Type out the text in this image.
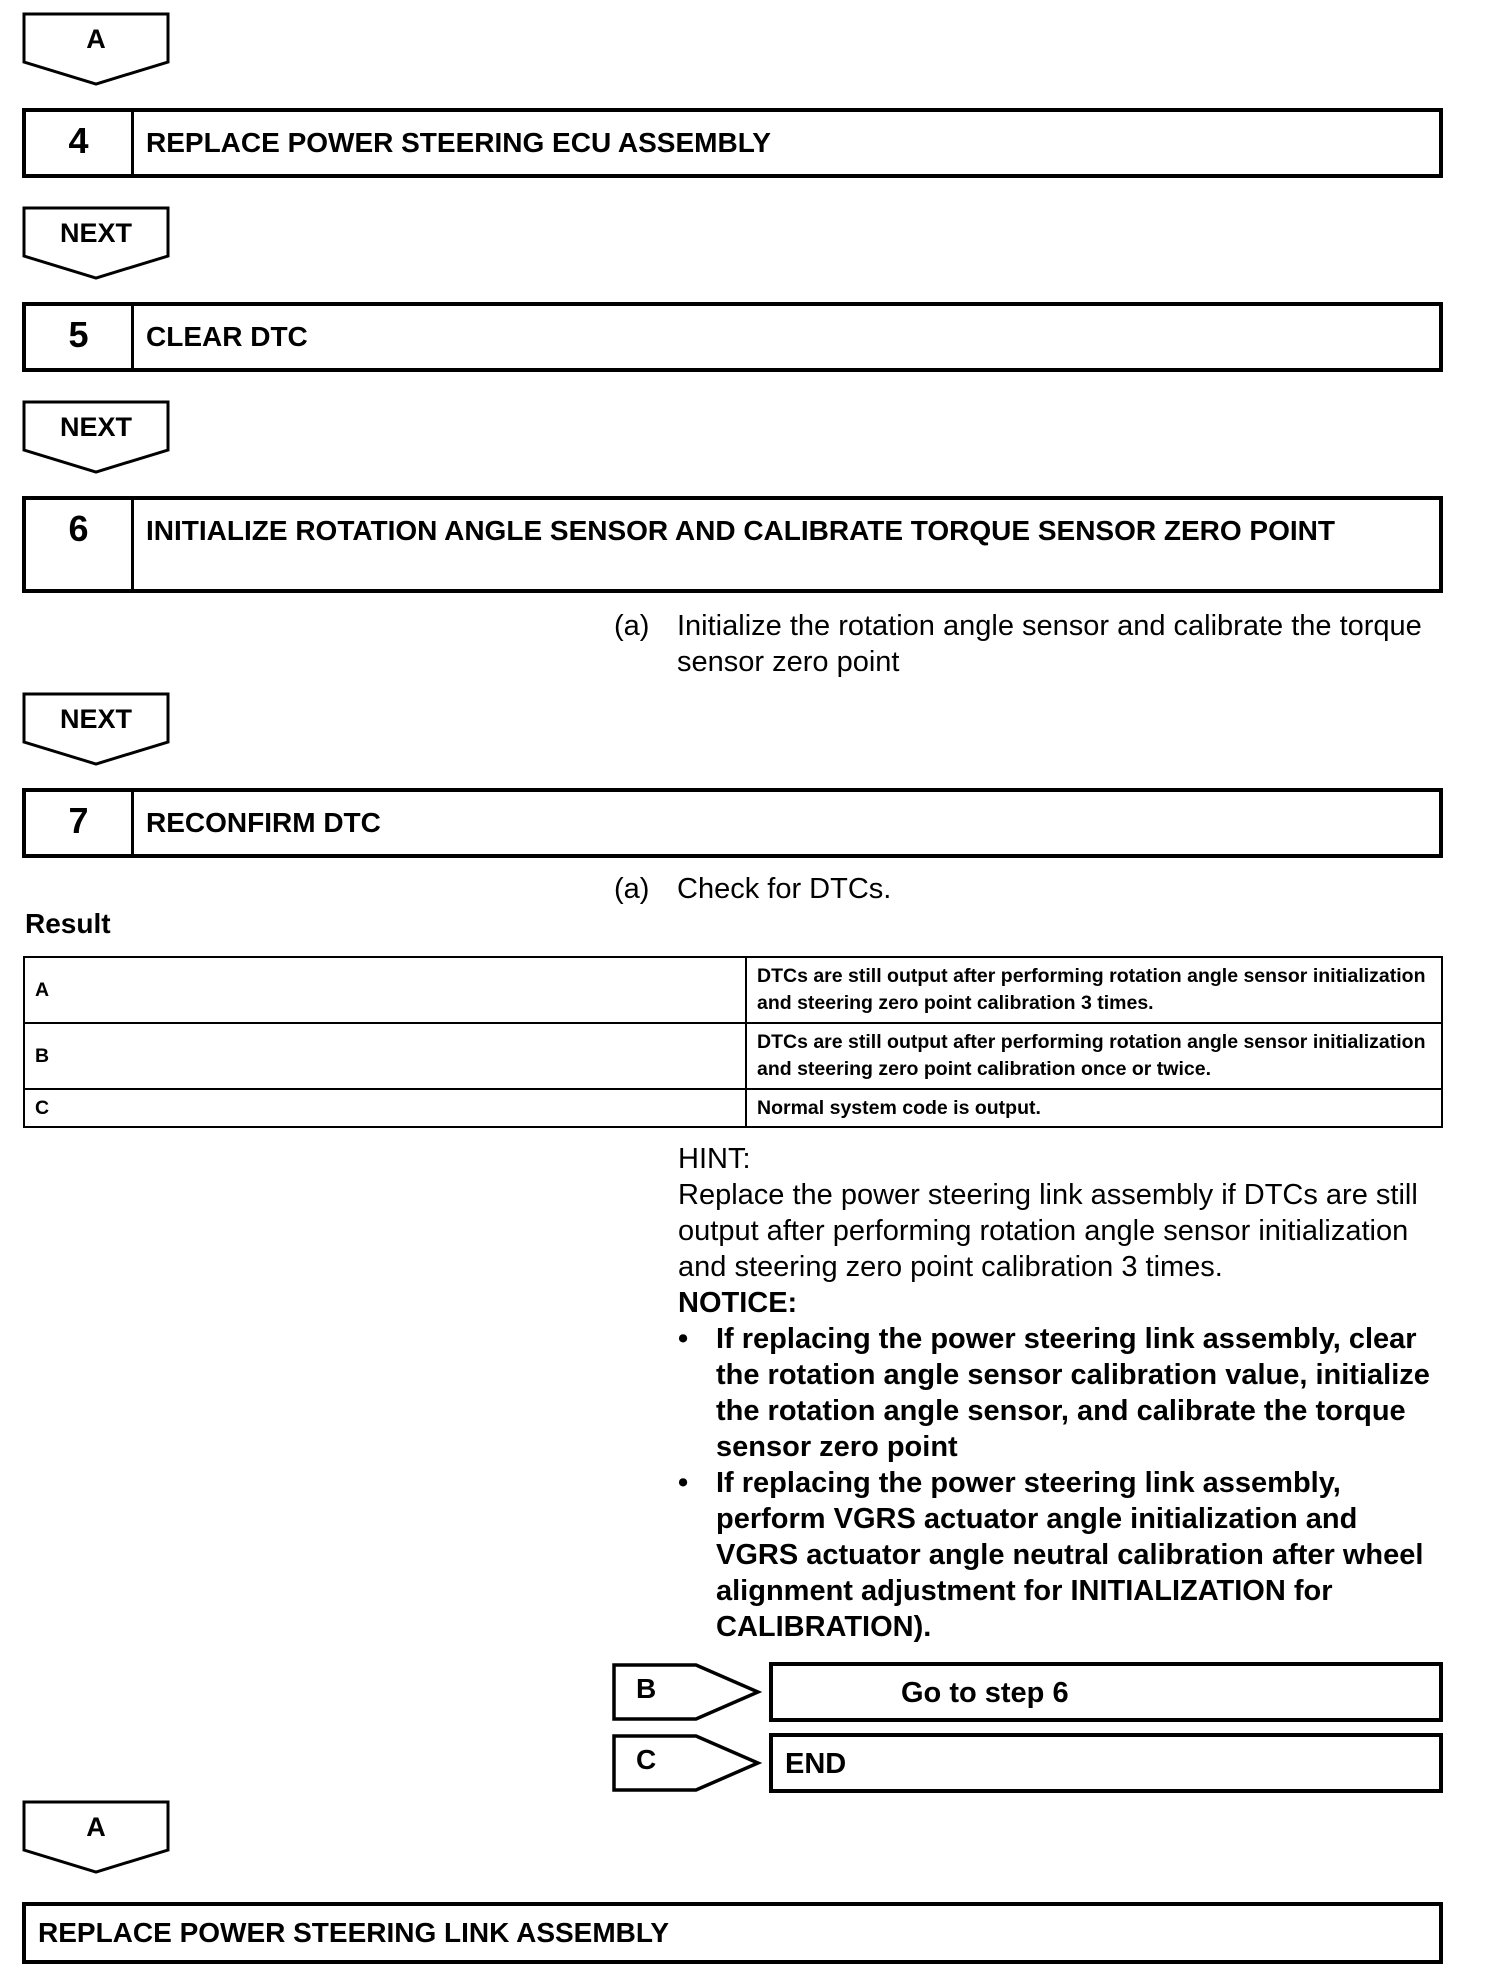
A
4	REPLACE POWER STEERING ECU ASSEMBLY
NEXT
5	CLEAR DTC
NEXT
6	INITIALIZE ROTATION ANGLE SENSOR AND CALIBRATE TORQUE SENSOR ZERO POINT
(a) Initialize the rotation angle sensor and calibrate the torque sensor zero point
NEXT
7	RECONFIRM DTC
(a) Check for DTCs.
Result
A	DTCs are still output after performing rotation angle sensor initialization and steering zero point calibration 3 times.
B	DTCs are still output after performing rotation angle sensor initialization and steering zero point calibration once or twice.
C	Normal system code is output.
HINT:
Replace the power steering link assembly if DTCs are still output after performing rotation angle sensor initialization and steering zero point calibration 3 times.
NOTICE:
• If replacing the power steering link assembly, clear the rotation angle sensor calibration value, initialize the rotation angle sensor, and calibrate the torque sensor zero point
• If replacing the power steering link assembly, perform VGRS actuator angle initialization and VGRS actuator angle neutral calibration after wheel alignment adjustment for INITIALIZATION for CALIBRATION).
B	Go to step 6
C	END
A
REPLACE POWER STEERING LINK ASSEMBLY
